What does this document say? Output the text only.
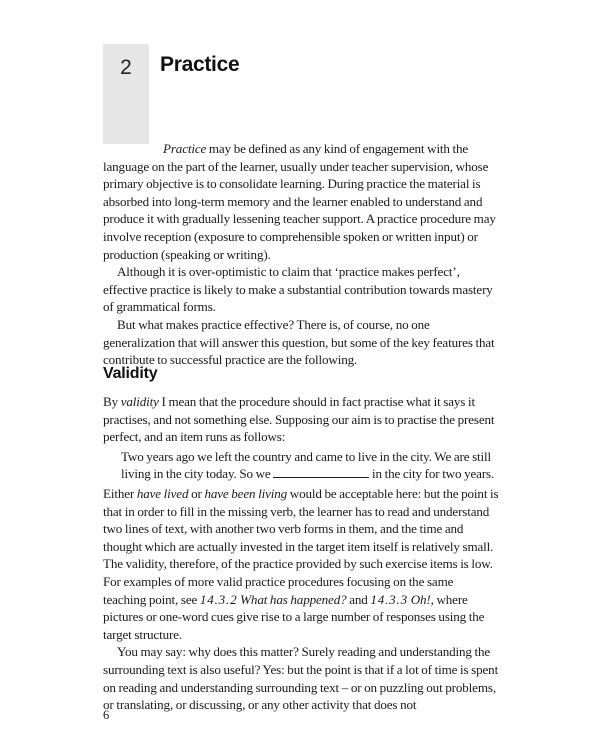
2	Practice

Practice may be defined as any kind of engagement with the language on the part of the learner, usually under teacher supervision, whose primary objective is to consolidate learning. During practice the material is absorbed into long-term memory and the learner enabled to understand and produce it with gradually lessening teacher support. A practice procedure may involve reception (exposure to comprehensible spoken or written input) or production (speaking or writing).

Although it is over-optimistic to claim that ‘practice makes perfect’, effective practice is likely to make a substantial contribution towards mastery of grammatical forms.

But what makes practice effective? There is, of course, no one generalization that will answer this question, but some of the key features that contribute to successful practice are the following.

Validity

By validity I mean that the procedure should in fact practise what it says it practises, and not something else. Supposing our aim is to practise the present perfect, and an item runs as follows:

Two years ago we left the country and came to live in the city. We are still living in the city today. So we	in the city for two years.

Either have lived or have been living would be acceptable here: but the point is that in order to fill in the missing verb, the learner has to read and understand two lines of text, with another two verb forms in them, and the time and thought which are actually invested in the target item itself is relatively small. The validity, therefore, of the practice provided by such exercise items is low. For examples of more valid practice procedures focusing on the same teaching point, see 14.3.2 What has happened? and 14.3.3 Oh!, where pictures or one-word cues give rise to a large number of responses using the target structure.

You may say: why does this matter? Surely reading and understanding the surrounding text is also useful? Yes: but the point is that if a lot of time is spent on reading and understanding surrounding text – or on puzzling out problems, or translating, or discussing, or any other activity that does not

6
